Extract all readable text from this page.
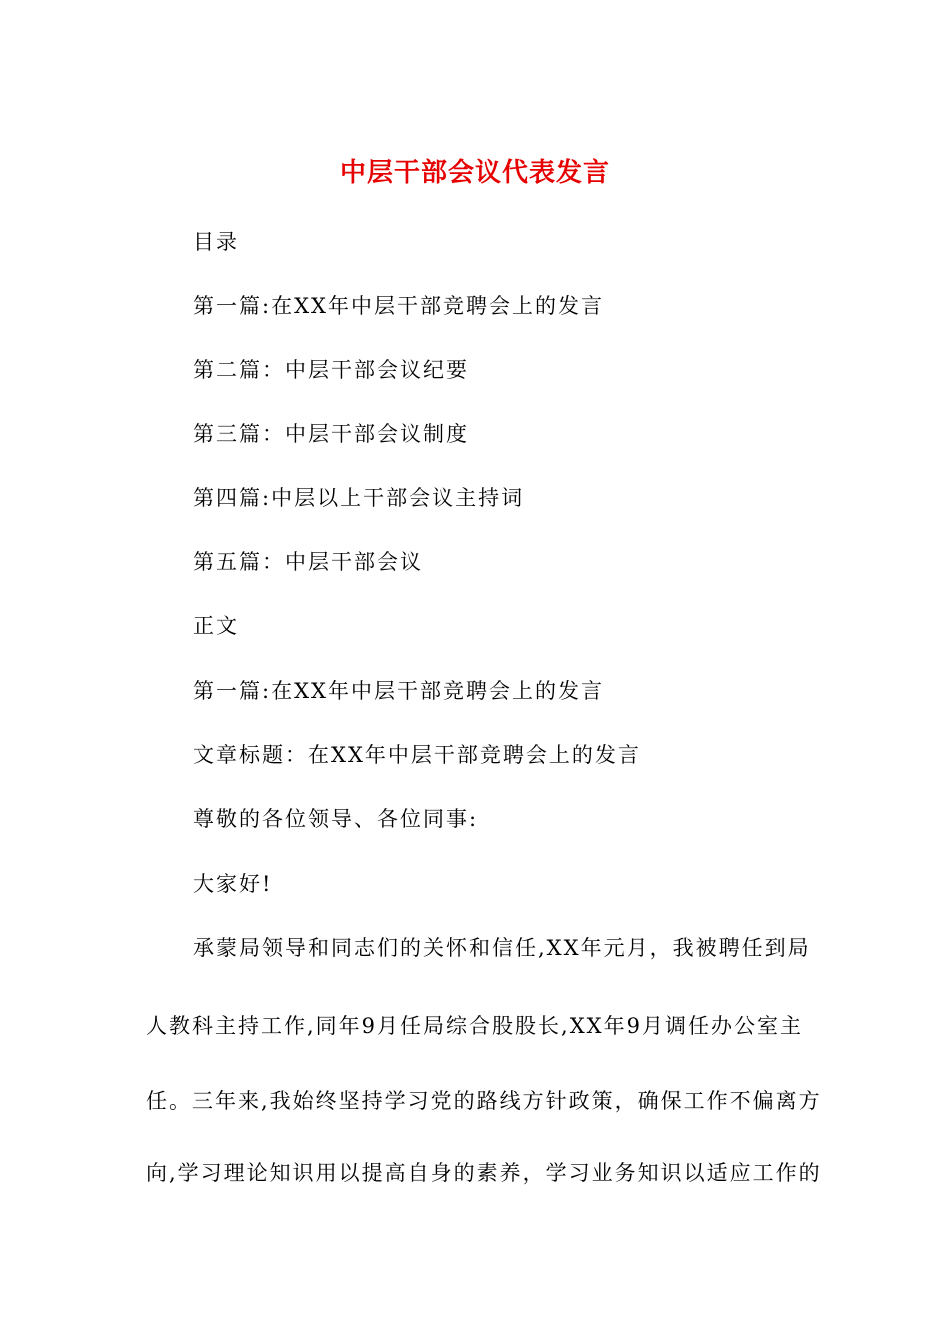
中层干部会议代表发言

目录

第一篇:在XX年中层干部竞聘会上的发言

第二篇：中层干部会议纪要

第三篇：中层干部会议制度

第四篇:中层以上干部会议主持词

第五篇：中层干部会议

正文

第一篇:在XX年中层干部竞聘会上的发言

文章标题：在XX年中层干部竞聘会上的发言

尊敬的各位领导、各位同事:

大家好!

承蒙局领导和同志们的关怀和信任,XX年元月，我被聘任到局

人教科主持工作,同年9月任局综合股股长,XX年9月调任办公室主

任。三年来,我始终坚持学习党的路线方针政策，确保工作不偏离方

向,学习理论知识用以提高自身的素养，学习业务知识以适应工作的
